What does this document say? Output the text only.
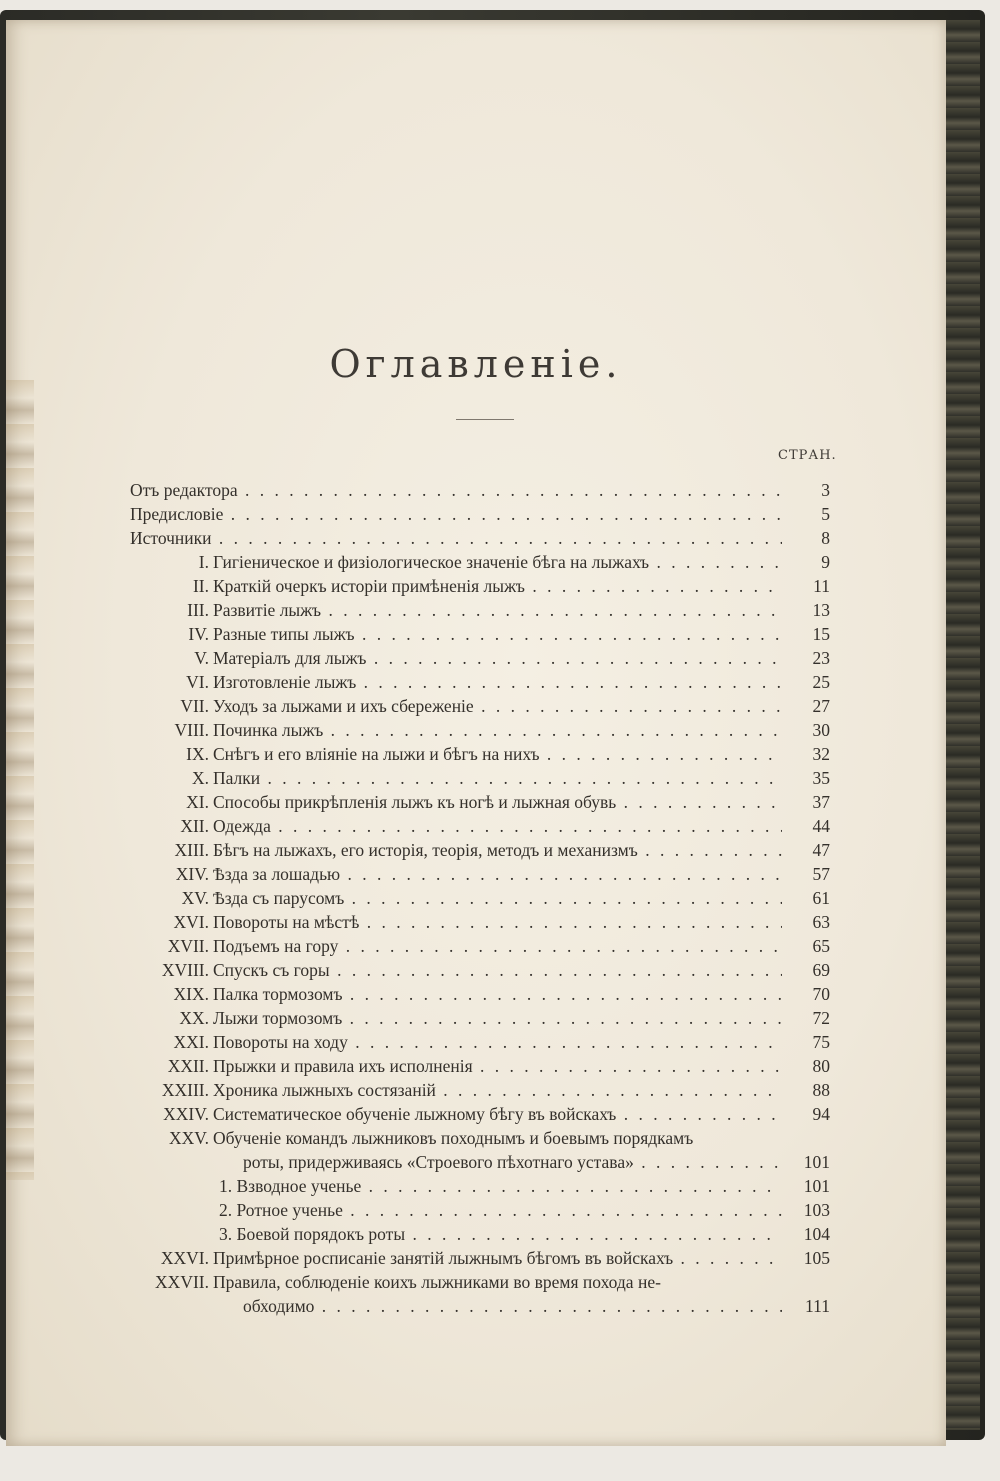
Оглавленіе.
СТРАН.
Отъ редактора . . .	3
Предисловіе . . .	5
Источники . . .	8
I. Гигіеническое и физіологическое значеніе бѣга на лыжахъ . . .	9
II. Краткій очеркъ исторіи примѣненія лыжъ . . .	11
III. Развитіе лыжъ . . .	13
IV. Разные типы лыжъ . . .	15
V. Матеріалъ для лыжъ . . .	23
VI. Изготовленіе лыжъ . . .	25
VII. Уходъ за лыжами и ихъ сбереженіе . . .	27
VIII. Починка лыжъ . . .	30
IX. Снѣгъ и его вліяніе на лыжи и бѣгъ на нихъ . . .	32
X. Палки . . .	35
XI. Способы прикрѣпленія лыжъ къ ногѣ и лыжная обувь . . .	37
XII. Одежда . . .	44
XIII. Бѣгъ на лыжахъ, его исторія, теорія, методъ и механизмъ . . .	47
XIV. Ѣзда за лошадью . . .	57
XV. Ѣзда съ парусомъ . . .	61
XVI. Повороты на мѣстѣ . . .	63
XVII. Подъемъ на гору . . .	65
XVIII. Спускъ съ горы . . .	69
XIX. Палка тормозомъ . . .	70
XX. Лыжи тормозомъ . . .	72
XXI. Повороты на ходу . . .	75
XXII. Прыжки и правила ихъ исполненія . . .	80
XXIII. Хроника лыжныхъ состязаній . . .	88
XXIV. Систематическое обученіе лыжному бѣгу въ войскахъ . . .	94
XXV. Обученіе командъ лыжниковъ походнымъ и боевымъ порядкамъ
роты, придерживаясь «Строевого пѣхотнаго устава» . . .	101
1. Взводное ученье . . .	101
2. Ротное ученье . . .	103
3. Боевой порядокъ роты . . .	104
XXVI. Примѣрное росписаніе занятій лыжнымъ бѣгомъ въ войскахъ . . .	105
XXVII. Правила, соблюденіе коихъ лыжниками во время похода не-
обходимо . . .	111
